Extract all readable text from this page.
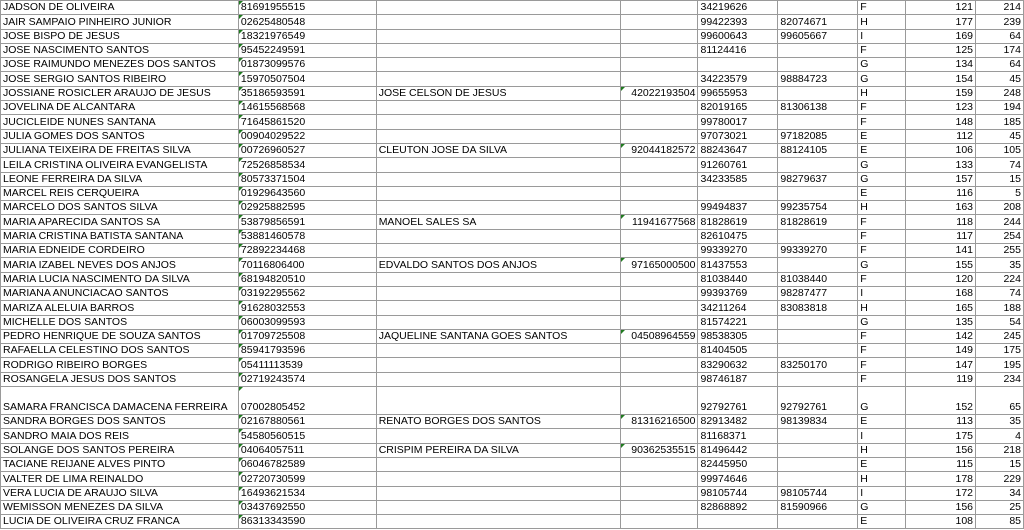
JADSON DE OLIVEIRA	81691955515			34219626		F	121	214
JAIR SAMPAIO PINHEIRO JUNIOR	02625480548			99422393	82074671	H	177	239
JOSE BISPO DE JESUS	18321976549			99600643	99605667	I	169	64
JOSE NASCIMENTO SANTOS	95452249591			81124416		F	125	174
JOSE RAIMUNDO MENEZES DOS SANTOS	01873099576					G	134	64
JOSE SERGIO SANTOS RIBEIRO	15970507504			34223579	98884723	G	154	45
JOSSIANE ROSICLER ARAUJO DE JESUS	35186593591	JOSE CELSON DE JESUS	42022193504	99655953		H	159	248
JOVELINA DE ALCANTARA	14615568568			82019165	81306138	F	123	194
JUCICLEIDE NUNES SANTANA	71645861520			99780017		F	148	185
JULIA GOMES DOS SANTOS	00904029522			97073021	97182085	E	112	45
JULIANA TEIXEIRA DE FREITAS SILVA	00726960527	CLEUTON JOSE DA SILVA	92044182572	88243647	88124105	E	106	105
LEILA CRISTINA OLIVEIRA EVANGELISTA	72526858534			91260761		G	133	74
LEONE FERREIRA DA SILVA	80573371504			34233585	98279637	G	157	15
MARCEL REIS CERQUEIRA	01929643560					E	116	5
MARCELO DOS SANTOS SILVA	02925882595			99494837	99235754	H	163	208
MARIA APARECIDA SANTOS SA	53879856591	MANOEL SALES SA	11941677568	81828619	81828619	F	118	244
MARIA CRISTINA BATISTA SANTANA	53881460578			82610475		F	117	254
MARIA EDNEIDE CORDEIRO	72892234468			99339270	99339270	F	141	255
MARIA IZABEL NEVES DOS ANJOS	70116806400	EDVALDO SANTOS DOS ANJOS	97165000500	81437553		G	155	35
MARIA LUCIA NASCIMENTO DA SILVA	68194820510			81038440	81038440	F	120	224
MARIANA ANUNCIACAO SANTOS	03192295562			99393769	98287477	I	168	74
MARIZA ALELUIA BARROS	91628032553			34211264	83083818	H	165	188
MICHELLE DOS SANTOS	06003099593			81574221		G	135	54
PEDRO HENRIQUE DE SOUZA SANTOS	01709725508	JAQUELINE SANTANA GOES SANTOS	04508964559	98538305		F	142	245
RAFAELLA CELESTINO DOS SANTOS	85941793596			81404505		F	149	175
RODRIGO RIBEIRO BORGES	05411113539			83290632	83250170	F	147	195
ROSANGELA JESUS DOS SANTOS	02719243574			98746187		F	119	234
SAMARA FRANCISCA DAMACENA FERREIRA	07002805452			92792761	92792761	G	152	65
SANDRA BORGES DOS SANTOS	02167880561	RENATO BORGES DOS SANTOS	81316216500	82913482	98139834	E	113	35
SANDRO MAIA DOS REIS	54580560515			81168371		I	175	4
SOLANGE DOS SANTOS PEREIRA	04064057511	CRISPIM PEREIRA DA SILVA	90362535515	81496442		H	156	218
TACIANE REIJANE ALVES PINTO	06046782589			82445950		E	115	15
VALTER DE LIMA REINALDO	02720730599			99974646		H	178	229
VERA LUCIA DE ARAUJO SILVA	16493621534			98105744	98105744	I	172	34
WEMISSON MENEZES DA SILVA	03437692550			82868892	81590966	G	156	25
LUCIA DE OLIVEIRA CRUZ FRANCA	86313343590					E	108	85
